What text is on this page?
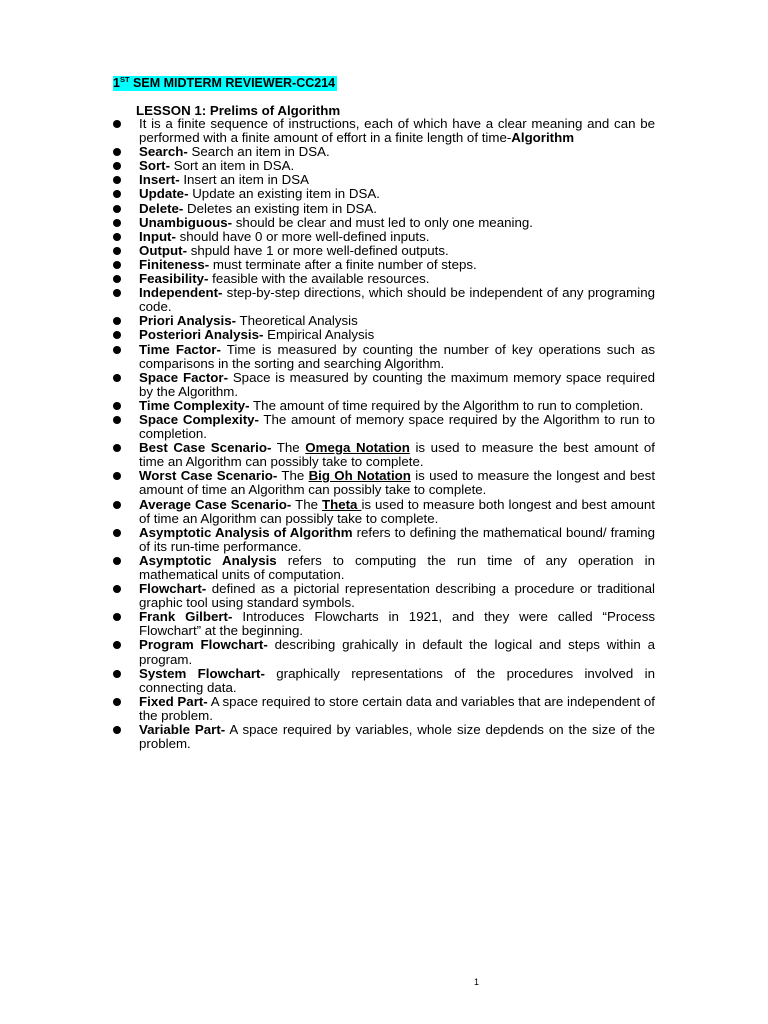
1ST SEM MIDTERM REVIEWER-CC214
LESSON 1: Prelims of Algorithm
It is a finite sequence of instructions, each of which have a clear meaning and can be performed with a finite amount of effort in a finite length of time-Algorithm
Search- Search an item in DSA.
Sort- Sort an item in DSA.
Insert- Insert an item in DSA
Update- Update an existing item in DSA.
Delete- Deletes an existing item in DSA.
Unambiguous- should be clear and must led to only one meaning.
Input- should have 0 or more well-defined inputs.
Output- shpuld have 1 or more well-defined outputs.
Finiteness- must terminate after a finite number of steps.
Feasibility- feasible with the available resources.
Independent- step-by-step directions, which should be independent of any programing code.
Priori Analysis- Theoretical Analysis
Posteriori Analysis- Empirical Analysis
Time Factor- Time is measured by counting the number of key operations such as comparisons in the sorting and searching Algorithm.
Space Factor- Space is measured by counting the maximum memory space required by the Algorithm.
Time Complexity- The amount of time required by the Algorithm to run to completion.
Space Complexity- The amount of memory space required by the Algorithm to run to completion.
Best Case Scenario- The Omega Notation is used to measure the best amount of time an Algorithm can possibly take to complete.
Worst Case Scenario- The Big Oh Notation is used to measure the longest and best amount of time an Algorithm can possibly take to complete.
Average Case Scenario- The Theta is used to measure both longest and best amount of time an Algorithm can possibly take to complete.
Asymptotic Analysis of Algorithm refers to defining the mathematical bound/ framing of its run-time performance.
Asymptotic Analysis refers to computing the run time of any operation in mathematical units of computation.
Flowchart- defined as a pictorial representation describing a procedure or traditional graphic tool using standard symbols.
Frank Gilbert- Introduces Flowcharts in 1921, and they were called “Process Flowchart” at the beginning.
Program Flowchart- describing grahically in default the logical and steps within a program.
System Flowchart- graphically representations of the procedures involved in connecting data.
Fixed Part- A space required to store certain data and variables that are independent of the problem.
Variable Part- A space required by variables, whole size depdends on the size of the problem.
1
